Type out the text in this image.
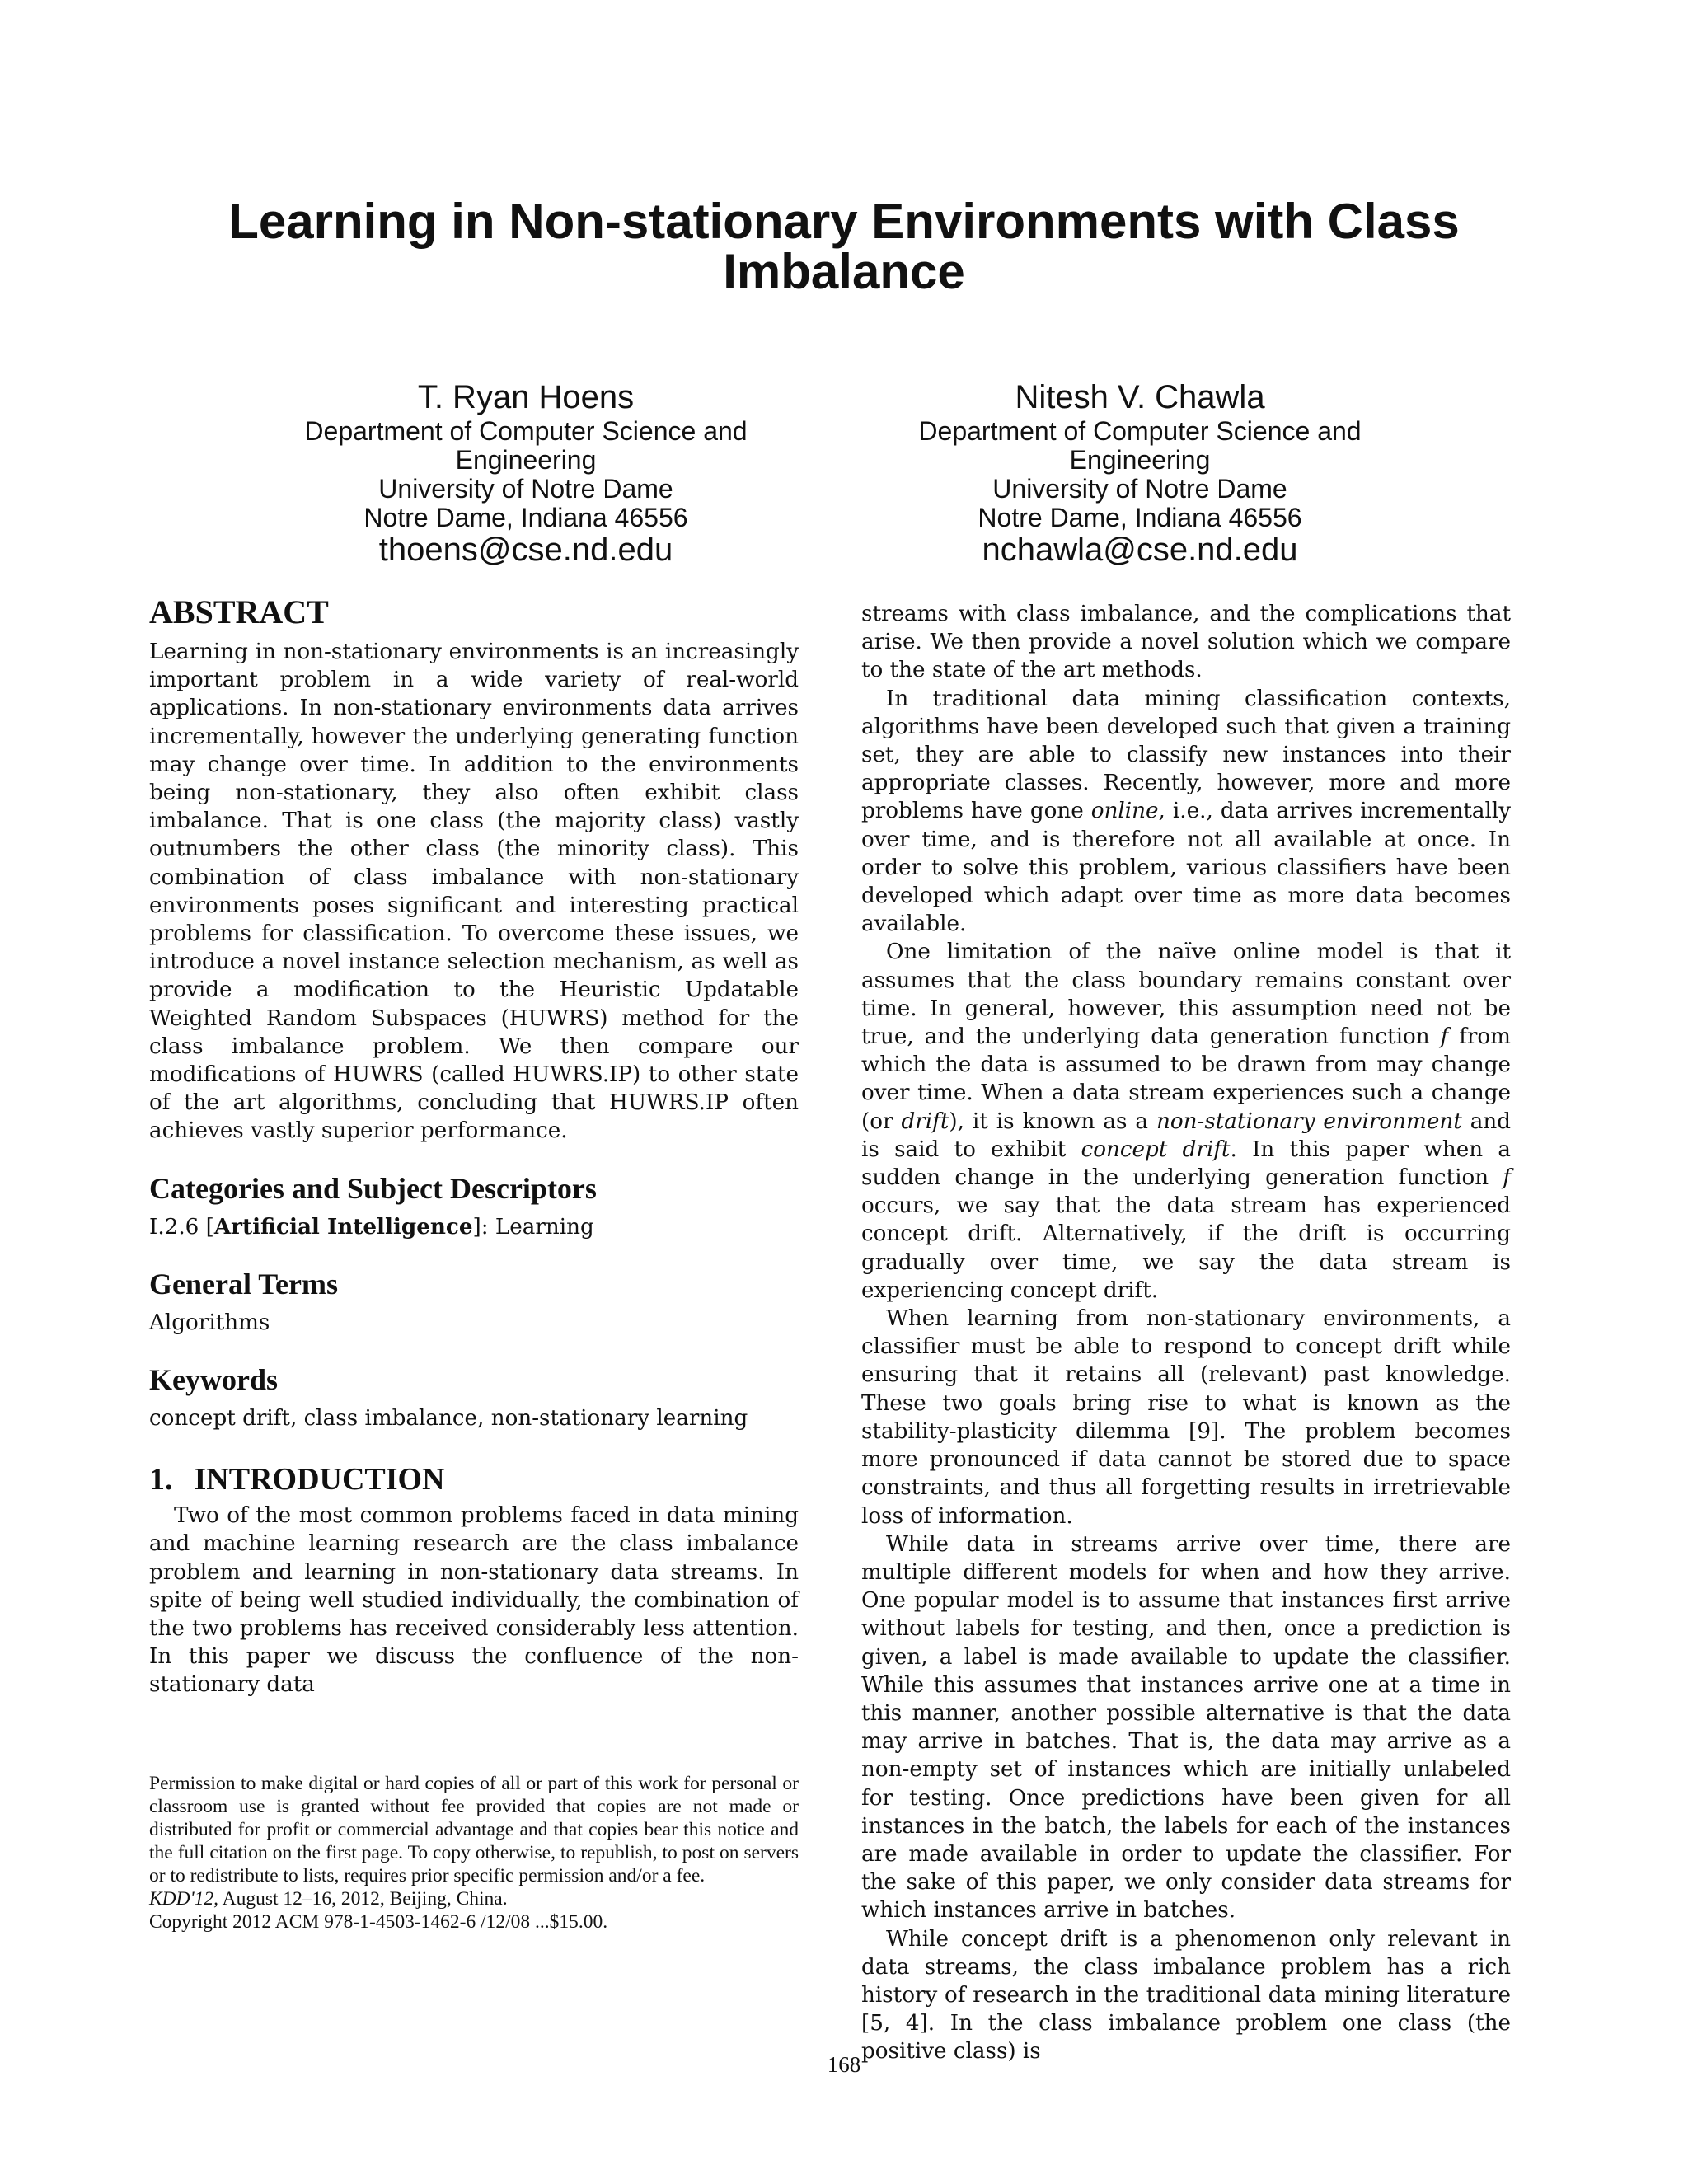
Learning in Non-stationary Environments with Class Imbalance
T. Ryan Hoens
Department of Computer Science and Engineering
University of Notre Dame
Notre Dame, Indiana 46556
thoens@cse.nd.edu
Nitesh V. Chawla
Department of Computer Science and Engineering
University of Notre Dame
Notre Dame, Indiana 46556
nchawla@cse.nd.edu
ABSTRACT

Learning in non-stationary environments is an increasingly important problem in a wide variety of real-world applications. In non-stationary environments data arrives incrementally, however the underlying generating function may change over time. In addition to the environments being non-stationary, they also often exhibit class imbalance. That is one class (the majority class) vastly outnumbers the other class (the minority class). This combination of class imbalance with non-stationary environments poses significant and interesting practical problems for classification. To overcome these issues, we introduce a novel instance selection mechanism, as well as provide a modification to the Heuristic Updatable Weighted Random Subspaces (HUWRS) method for the class imbalance problem. We then compare our modifications of HUWRS (called HUWRS.IP) to other state of the art algorithms, concluding that HUWRS.IP often achieves vastly superior performance.

Categories and Subject Descriptors

I.2.6 [Artificial Intelligence]: Learning

General Terms

Algorithms

Keywords

concept drift, class imbalance, non-stationary learning

1. INTRODUCTION

Two of the most common problems faced in data mining and machine learning research are the class imbalance problem and learning in non-stationary data streams. In spite of being well studied individually, the combination of the two problems has received considerably less attention. In this paper we discuss the confluence of the non-stationary data

streams with class imbalance, and the complications that arise. We then provide a novel solution which we compare to the state of the art methods.

In traditional data mining classification contexts, algorithms have been developed such that given a training set, they are able to classify new instances into their appropriate classes. Recently, however, more and more problems have gone online, i.e., data arrives incrementally over time, and is therefore not all available at once. In order to solve this problem, various classifiers have been developed which adapt over time as more data becomes available.

One limitation of the naïve online model is that it assumes that the class boundary remains constant over time. In general, however, this assumption need not be true, and the underlying data generation function f from which the data is assumed to be drawn from may change over time. When a data stream experiences such a change (or drift), it is known as a non-stationary environment and is said to exhibit concept drift. In this paper when a sudden change in the underlying generation function f occurs, we say that the data stream has experienced concept drift. Alternatively, if the drift is occurring gradually over time, we say the data stream is experiencing concept drift.

When learning from non-stationary environments, a classifier must be able to respond to concept drift while ensuring that it retains all (relevant) past knowledge. These two goals bring rise to what is known as the stability-plasticity dilemma [9]. The problem becomes more pronounced if data cannot be stored due to space constraints, and thus all forgetting results in irretrievable loss of information.

While data in streams arrive over time, there are multiple different models for when and how they arrive. One popular model is to assume that instances first arrive without labels for testing, and then, once a prediction is given, a label is made available to update the classifier. While this assumes that instances arrive one at a time in this manner, another possible alternative is that the data may arrive in batches. That is, the data may arrive as a non-empty set of instances which are initially unlabeled for testing. Once predictions have been given for all instances in the batch, the labels for each of the instances are made available in order to update the classifier. For the sake of this paper, we only consider data streams for which instances arrive in batches.

While concept drift is a phenomenon only relevant in data streams, the class imbalance problem has a rich history of research in the traditional data mining literature [5, 4]. In the class imbalance problem one class (the positive class) is

Permission to make digital or hard copies of all or part of this work for personal or classroom use is granted without fee provided that copies are not made or distributed for profit or commercial advantage and that copies bear this notice and the full citation on the first page. To copy otherwise, to republish, to post on servers or to redistribute to lists, requires prior specific permission and/or a fee.

KDD'12, August 12–16, 2012, Beijing, China.

Copyright 2012 ACM 978-1-4503-1462-6 /12/08 ...$15.00.

168
